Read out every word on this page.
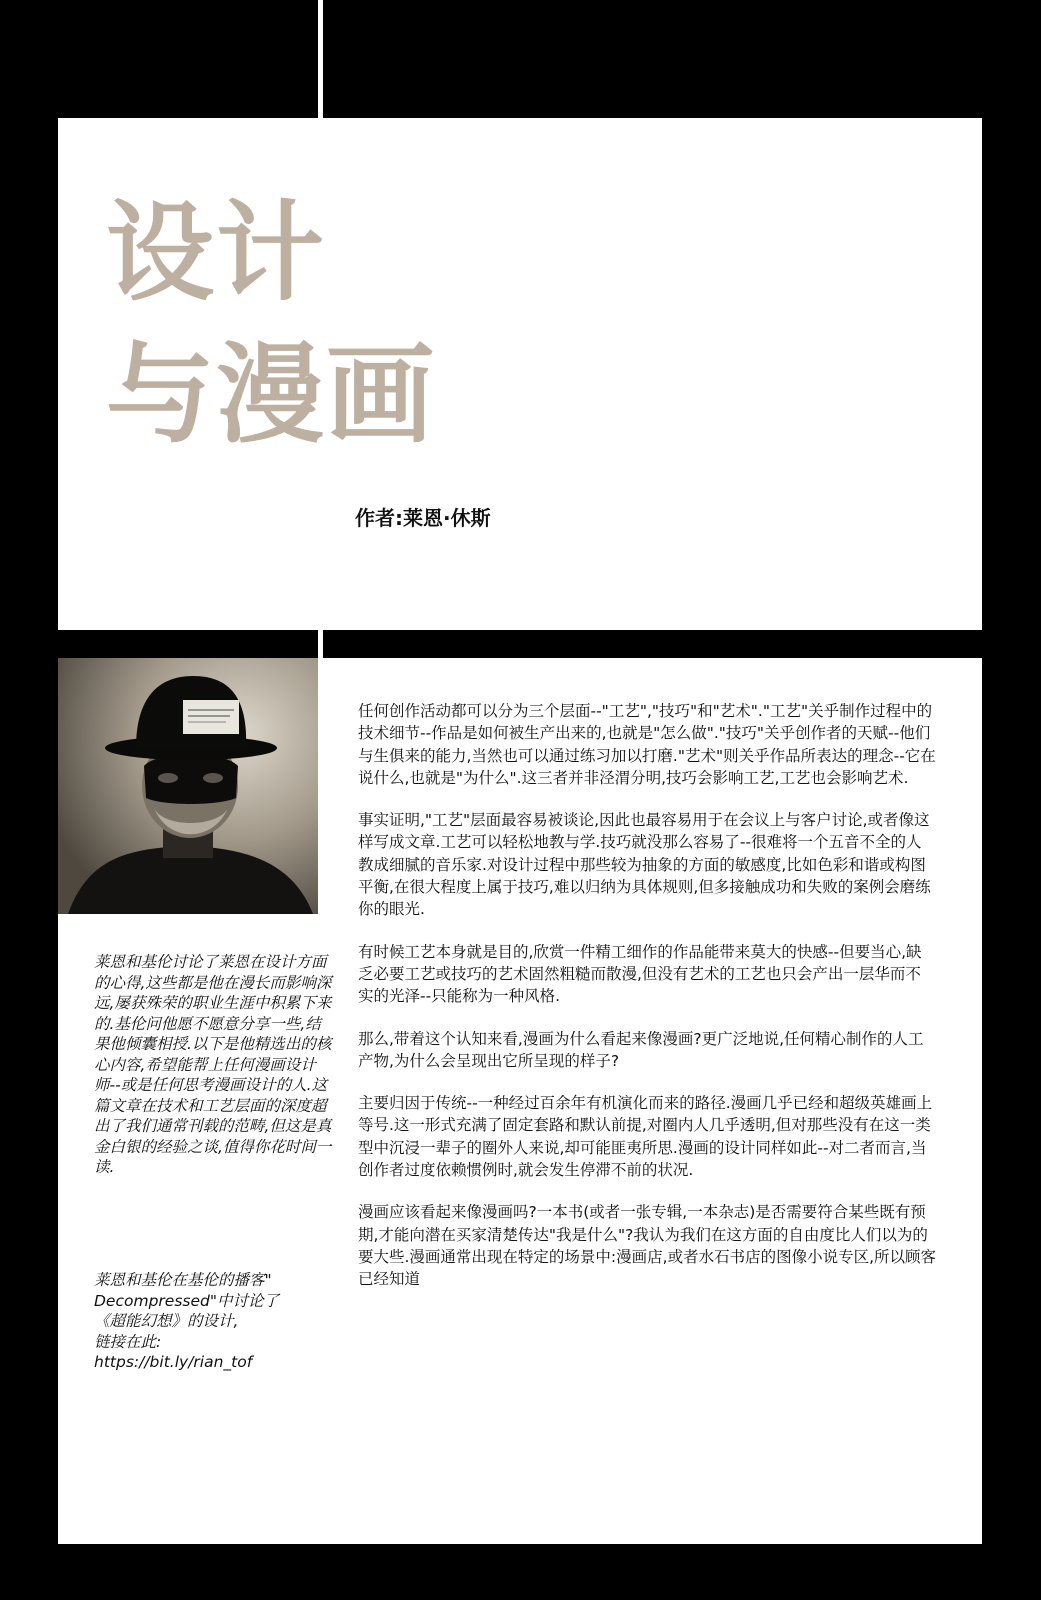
设计
与漫画

作者:莱恩·休斯

莱恩和基伦讨论了莱恩在设计方面的心得,这些都是他在漫长而影响深远,屡获殊荣的职业生涯中积累下来的.基伦问他愿不愿意分享一些,结果他倾囊相授.以下是他精选出的核心内容,希望能帮上任何漫画设计师--或是任何思考漫画设计的人.这篇文章在技术和工艺层面的深度超出了我们通常刊载的范畴,但这是真金白银的经验之谈,值得你花时间一读.

莱恩和基伦在基伦的播客"
Decompressed"中讨论了
《超能幻想》的设计,
链接在此:
https://bit.ly/rian_tof

任何创作活动都可以分为三个层面--"工艺","技巧"和"艺术"."工艺"关乎制作过程中的技术细节--作品是如何被生产出来的,也就是"怎么做"."技巧"关乎创作者的天赋--他们与生俱来的能力,当然也可以通过练习加以打磨."艺术"则关乎作品所表达的理念--它在说什么,也就是"为什么".这三者并非泾渭分明,技巧会影响工艺,工艺也会影响艺术.

事实证明,"工艺"层面最容易被谈论,因此也最容易用于在会议上与客户讨论,或者像这样写成文章.工艺可以轻松地教与学.技巧就没那么容易了--很难将一个五音不全的人教成细腻的音乐家.对设计过程中那些较为抽象的方面的敏感度,比如色彩和谐或构图平衡,在很大程度上属于技巧,难以归纳为具体规则,但多接触成功和失败的案例会磨练你的眼光.

有时候工艺本身就是目的,欣赏一件精工细作的作品能带来莫大的快感--但要当心,缺乏必要工艺或技巧的艺术固然粗糙而散漫,但没有艺术的工艺也只会产出一层华而不实的光泽--只能称为一种风格.

那么,带着这个认知来看,漫画为什么看起来像漫画?更广泛地说,任何精心制作的人工产物,为什么会呈现出它所呈现的样子?

主要归因于传统--一种经过百余年有机演化而来的路径.漫画几乎已经和超级英雄画上等号.这一形式充满了固定套路和默认前提,对圈内人几乎透明,但对那些没有在这一类型中沉浸一辈子的圈外人来说,却可能匪夷所思.漫画的设计同样如此--对二者而言,当创作者过度依赖惯例时,就会发生停滞不前的状况.

漫画应该看起来像漫画吗?一本书(或者一张专辑,一本杂志)是否需要符合某些既有预期,才能向潜在买家清楚传达"我是什么"?我认为我们在这方面的自由度比人们以为的要大些.漫画通常出现在特定的场景中:漫画店,或者水石书店的图像小说专区,所以顾客已经知道
